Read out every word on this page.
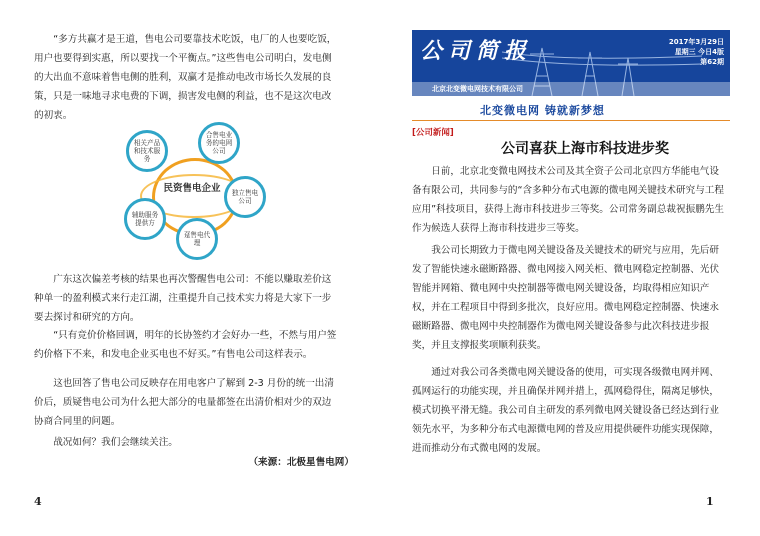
“多方共赢才是王道，售电公司要靠技术吃饭，电厂的人也要吃饭，用户也要得到实惠，所以要找一个平衡点。”这些售电公司明白，发电侧的大出血不意味着售电侧的胜利，双赢才是推动电改市场长久发展的良策，只是一味地寻求电费的下调，损害发电侧的利益，也不是这次电改的初衷。

民资售电企业
相关产品和技术服务
合售电业务的电网公司
独立售电公司
趸售电代理
辅助服务提供方

广东这次偏差考核的结果也再次警醒售电公司：不能以赚取差价这种单一的盈利模式来行走江湖，注重提升自己技术实力将是大家下一步要去探讨和研究的方向。

“只有竞价价格回调，明年的长协签约才会好办一些，不然与用户签约价格下不来，和发电企业买电也不好买。”有售电公司这样表示。

这也回答了售电公司反映存在用电客户了解到 2-3 月份的统一出清价后，质疑售电公司为什么把大部分的电量都签在出清价相对少的双边协商合同里的问题。

战况如何？我们会继续关注。

（来源：北极星售电网）

4
公司简报	2017年3月29日
星期三 今日4版
第62期
北京北变微电网技术有限公司
北变微电网 铸就新梦想
[公司新闻]
公司喜获上海市科技进步奖

日前，北京北变微电网技术公司及其全资子公司北京四方华能电气设备有限公司，共同参与的“含多种分布式电源的微电网关键技术研究与工程应用”科技项目，获得上海市科技进步三等奖。公司常务副总裁祝振鹏先生作为候选人获得上海市科技进步三等奖。

我公司长期致力于微电网关键设备及关键技术的研究与应用，先后研发了智能快速永磁断路器、微电网接入网关柜、微电网稳定控制器、光伏智能并网箱、微电网中央控制器等微电网关键设备，均取得相应知识产权，并在工程项目中得到多批次，良好应用。微电网稳定控制器、快速永磁断路器、微电网中央控制器作为微电网关键设备参与此次科技进步报奖，并且支撑报奖项顺利获奖。

通过对我公司各类微电网关键设备的使用，可实现各级微电网并网、孤网运行的功能实现，并且确保并网并措上，孤网稳得住，隔离足够快，模式切换平滑无缝。我公司自主研发的系列微电网关键设备已经达到行业领先水平，为多种分布式电源微电网的普及应用提供硬件功能实现保障，进而推动分布式微电网的发展。

1
